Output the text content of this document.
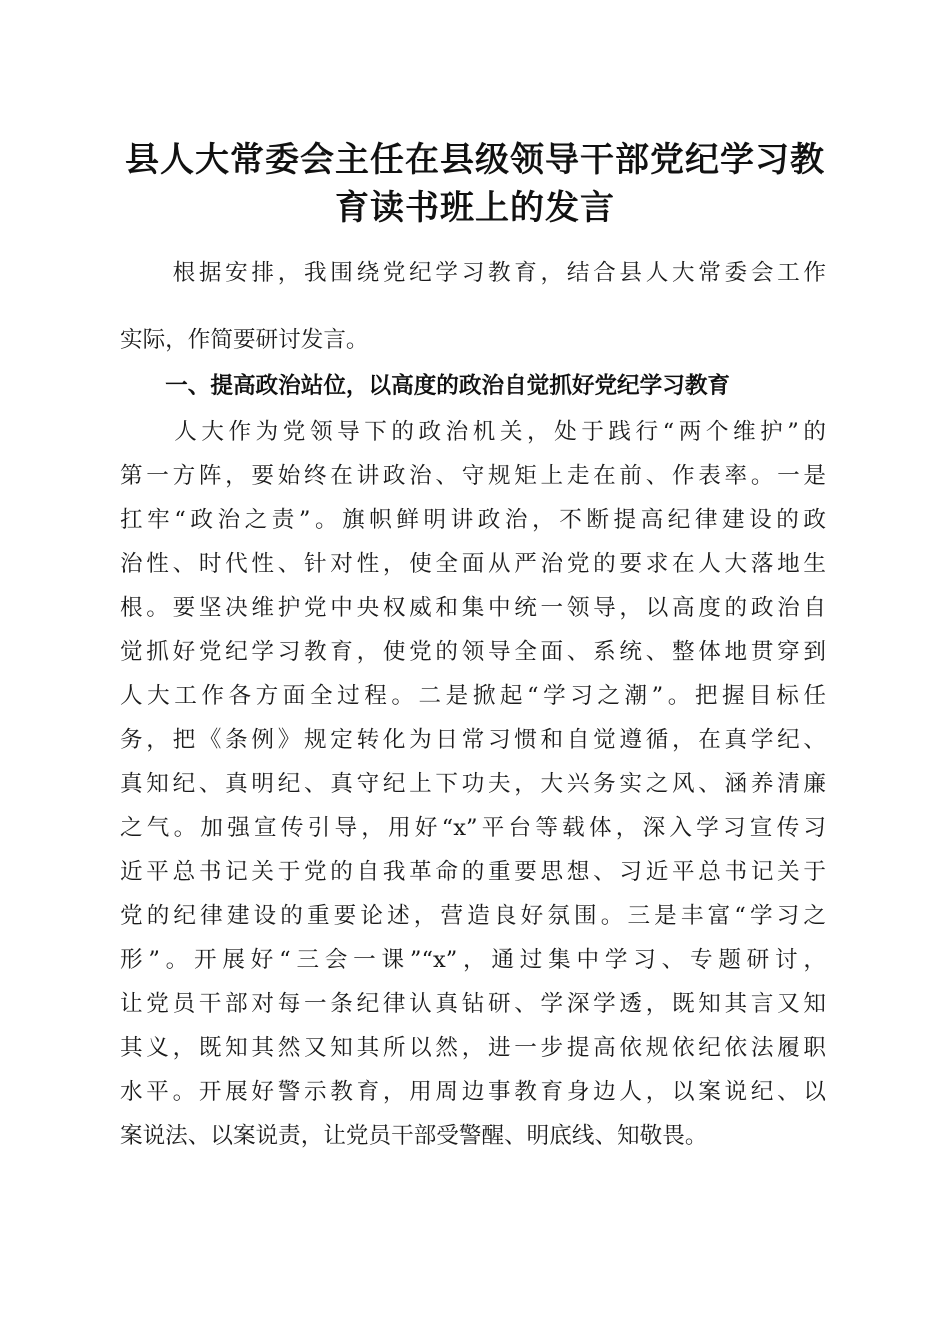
县人大常委会主任在县级领导干部党纪学习教
育读书班上的发言

　　根据安排，我围绕党纪学习教育，结合县人大常委会工作

实际，作简要研讨发言。

　　一、提高政治站位，以高度的政治自觉抓好党纪学习教育

　　人大作为党领导下的政治机关，处于践行“两个维护”的

第一方阵，要始终在讲政治、守规矩上走在前、作表率。一是

扛牢“政治之责”。旗帜鲜明讲政治，不断提高纪律建设的政

治性、时代性、针对性，使全面从严治党的要求在人大落地生

根。要坚决维护党中央权威和集中统一领导，以高度的政治自

觉抓好党纪学习教育，使党的领导全面、系统、整体地贯穿到

人大工作各方面全过程。二是掀起“学习之潮”。把握目标任

务，把《条例》规定转化为日常习惯和自觉遵循，在真学纪、

真知纪、真明纪、真守纪上下功夫，大兴务实之风、涵养清廉

之气。加强宣传引导，用好“x”平台等载体，深入学习宣传习

近平总书记关于党的自我革命的重要思想、习近平总书记关于

党的纪律建设的重要论述，营造良好氛围。三是丰富“学习之

形”。开展好“三会一课”“x”，通过集中学习、专题研讨，

让党员干部对每一条纪律认真钻研、学深学透，既知其言又知

其义，既知其然又知其所以然，进一步提高依规依纪依法履职

水平。开展好警示教育，用周边事教育身边人，以案说纪、以

案说法、以案说责，让党员干部受警醒、明底线、知敬畏。
